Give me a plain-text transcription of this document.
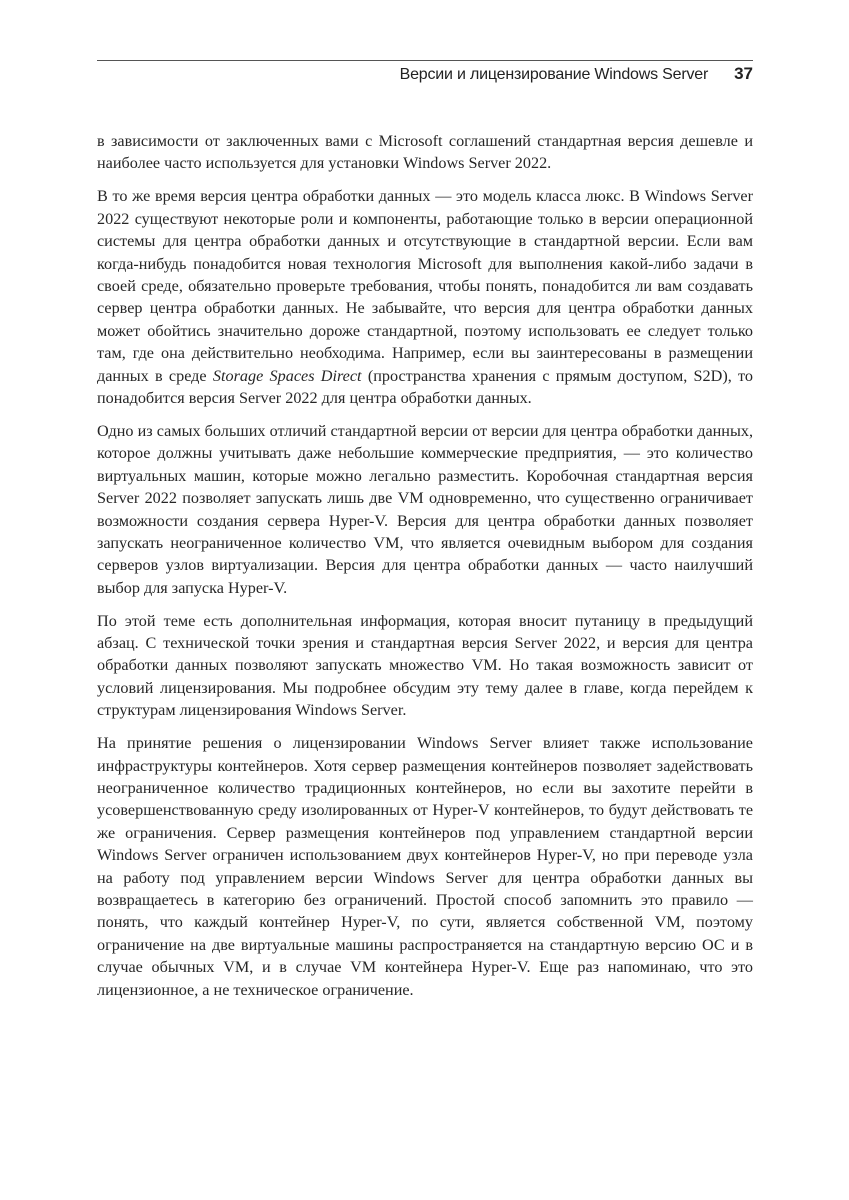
Версии и лицензирование Windows Server 37

в зависимости от заключенных вами с Microsoft соглашений стандартная версия дешевле и наиболее часто используется для установки Windows Server 2022.

В то же время версия центра обработки данных — это модель класса люкс. В Windows Server 2022 существуют некоторые роли и компоненты, работающие только в версии операционной системы для центра обработки данных и отсутствующие в стандартной версии. Если вам когда-нибудь понадобится новая технология Microsoft для выполнения какой-либо задачи в своей среде, обязательно проверьте требования, чтобы понять, понадобится ли вам создавать сервер центра обработки данных. Не забывайте, что версия для центра обработки данных может обойтись значительно дороже стандартной, поэтому использовать ее следует только там, где она действительно необходима. Например, если вы заинтересованы в размещении данных в среде Storage Spaces Direct (пространства хранения с прямым доступом, S2D), то понадобится версия Server 2022 для центра обработки данных.

Одно из самых больших отличий стандартной версии от версии для центра обработки данных, которое должны учитывать даже небольшие коммерческие предприятия, — это количество виртуальных машин, которые можно легально разместить. Коробочная стандартная версия Server 2022 позволяет запускать лишь две VM одновременно, что существенно ограничивает возможности создания сервера Hyper-V. Версия для центра обработки данных позволяет запускать неограниченное количество VM, что является очевидным выбором для создания серверов узлов виртуализации. Версия для центра обработки данных — часто наилучший выбор для запуска Hyper-V.

По этой теме есть дополнительная информация, которая вносит путаницу в предыдущий абзац. С технической точки зрения и стандартная версия Server 2022, и версия для центра обработки данных позволяют запускать множество VM. Но такая возможность зависит от условий лицензирования. Мы подробнее обсудим эту тему далее в главе, когда перейдем к структурам лицензирования Windows Server.

На принятие решения о лицензировании Windows Server влияет также использование инфраструктуры контейнеров. Хотя сервер размещения контейнеров позволяет задействовать неограниченное количество традиционных контейнеров, но если вы захотите перейти в усовершенствованную среду изолированных от Hyper-V контейнеров, то будут действовать те же ограничения. Сервер размещения контейнеров под управлением стандартной версии Windows Server ограничен использованием двух контейнеров Hyper-V, но при переводе узла на работу под управлением версии Windows Server для центра обработки данных вы возвращаетесь в категорию без ограничений. Простой способ запомнить это правило — понять, что каждый контейнер Hyper-V, по сути, является собственной VM, поэтому ограничение на две виртуальные машины распространяется на стандартную версию ОС и в случае обычных VM, и в случае VM контейнера Hyper-V. Еще раз напоминаю, что это лицензионное, а не техническое ограничение.
